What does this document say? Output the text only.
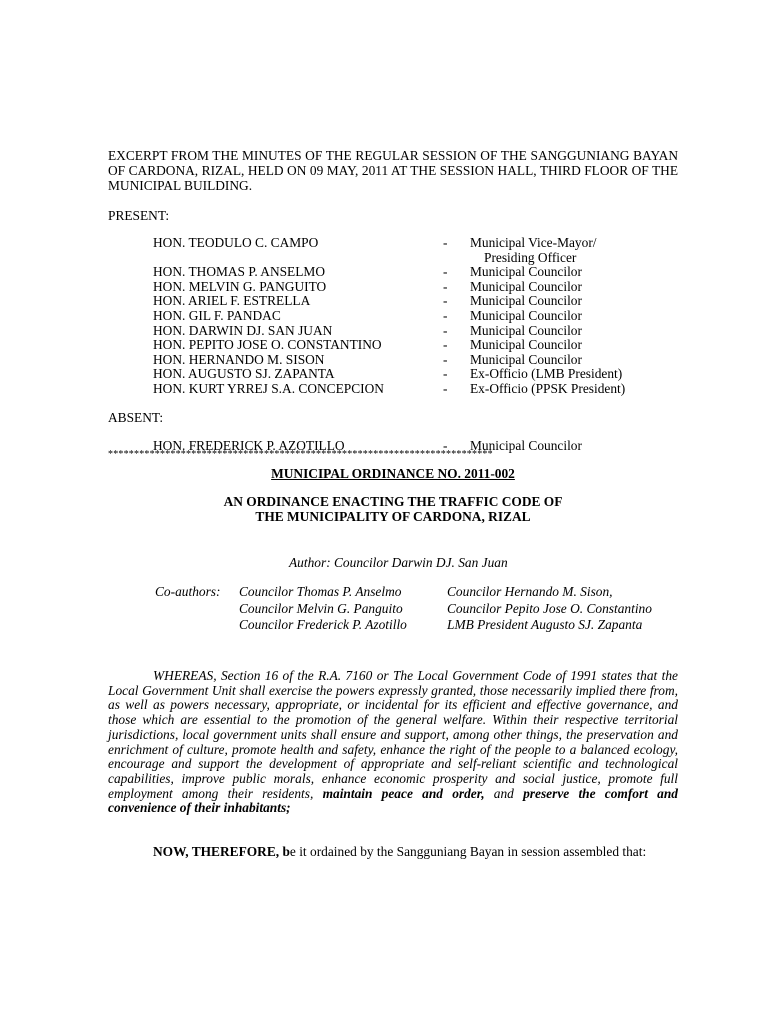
EXCERPT FROM THE MINUTES OF THE REGULAR SESSION OF THE SANGGUNIANG BAYAN OF CARDONA, RIZAL, HELD ON 09 MAY, 2011 AT THE SESSION HALL, THIRD FLOOR OF THE MUNICIPAL BUILDING.
PRESENT:
HON. TEODULO C. CAMPO	-	Municipal Vice-Mayor/
Presiding Officer

HON. THOMAS P. ANSELMO	-	Municipal Councilor
HON. MELVIN G. PANGUITO	-	Municipal Councilor
HON. ARIEL F. ESTRELLA	-	Municipal Councilor
HON. GIL F. PANDAC	-	Municipal Councilor
HON. DARWIN DJ. SAN JUAN	-	Municipal Councilor
HON. PEPITO JOSE O. CONSTANTINO	-	Municipal Councilor
HON. HERNANDO M. SISON	-	Municipal Councilor
HON. AUGUSTO SJ. ZAPANTA	-	Ex-Officio (LMB President)
HON. KURT YRREJ S.A. CONCEPCION	-	Ex-Officio (PPSK President)
ABSENT:
HON. FREDERICK P. AZOTILLO	-	Municipal Councilor
**************************************************************************
MUNICIPAL ORDINANCE NO. 2011-002
AN ORDINANCE ENACTING THE TRAFFIC CODE OF
THE MUNICIPALITY OF CARDONA, RIZAL
Author: Councilor Darwin DJ. San Juan
Co-authors:	Councilor Thomas P. Anselmo	Councilor Hernando M. Sison,
	Councilor Melvin G. Panguito	Councilor Pepito Jose O. Constantino
	Councilor Frederick P. Azotillo	LMB President Augusto SJ. Zapanta
WHEREAS, Section 16 of the R.A. 7160 or The Local Government Code of 1991 states that the Local Government Unit shall exercise the powers expressly granted, those necessarily implied there from, as well as powers necessary, appropriate, or incidental for its efficient and effective governance, and those which are essential to the promotion of the general welfare. Within their respective territorial jurisdictions, local government units shall ensure and support, among other things, the preservation and enrichment of culture, promote health and safety, enhance the right of the people to a balanced ecology, encourage and support the development of appropriate and self-reliant scientific and technological capabilities, improve public morals, enhance economic prosperity and social justice, promote full employment among their residents, maintain peace and order, and preserve the comfort and convenience of their inhabitants;
NOW, THEREFORE, be it ordained by the Sangguniang Bayan in session assembled that:
